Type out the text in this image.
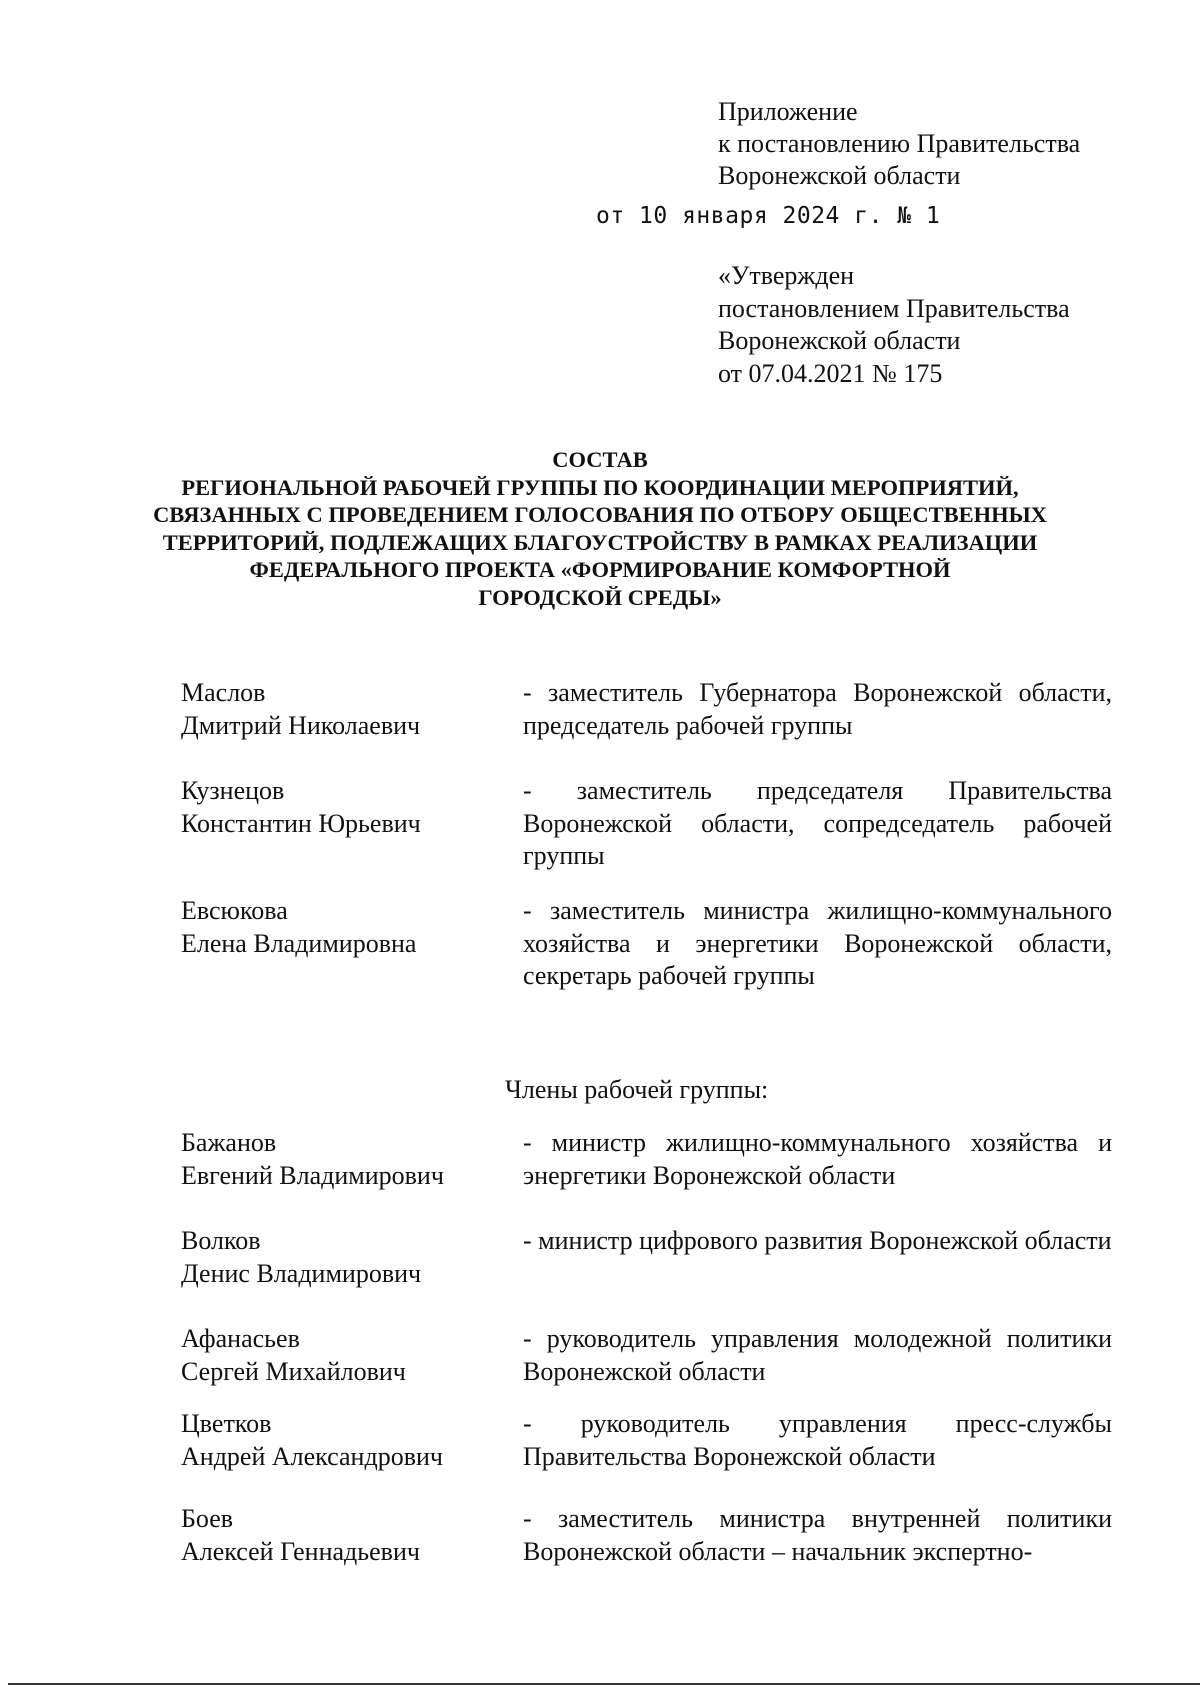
Приложение
к постановлению Правительства
Воронежской области
от 10 января 2024 г. № 1
«Утвержден
постановлением Правительства
Воронежской области
от 07.04.2021 № 175
СОСТАВ
РЕГИОНАЛЬНОЙ РАБОЧЕЙ ГРУППЫ ПО КООРДИНАЦИИ МЕРОПРИЯТИЙ,
СВЯЗАННЫХ С ПРОВЕДЕНИЕМ ГОЛОСОВАНИЯ ПО ОТБОРУ ОБЩЕСТВЕННЫХ
ТЕРРИТОРИЙ, ПОДЛЕЖАЩИХ БЛАГОУСТРОЙСТВУ В РАМКАХ РЕАЛИЗАЦИИ
ФЕДЕРАЛЬНОГО ПРОЕКТА «ФОРМИРОВАНИЕ КОМФОРТНОЙ
ГОРОДСКОЙ СРЕДЫ»
Маслов
Дмитрий Николаевич
- заместитель Губернатора Воронежской области, председатель рабочей группы
Кузнецов
Константин Юрьевич
- заместитель председателя Правительства Воронежской области, сопредседатель рабочей группы
Евсюкова
Елена Владимировна
- заместитель министра жилищно-коммунального хозяйства и энергетики Воронежской области, секретарь рабочей группы
Члены рабочей группы:
Бажанов
Евгений Владимирович
- министр жилищно-коммунального хозяйства и энергетики Воронежской области
Волков
Денис Владимирович
- министр цифрового развития Воронежской области
Афанасьев
Сергей Михайлович
- руководитель управления молодежной политики Воронежской области
Цветков
Андрей Александрович
- руководитель управления пресс-службы Правительства Воронежской области
Боев
Алексей Геннадьевич
- заместитель министра внутренней политики Воронежской области – начальник экспертно-
